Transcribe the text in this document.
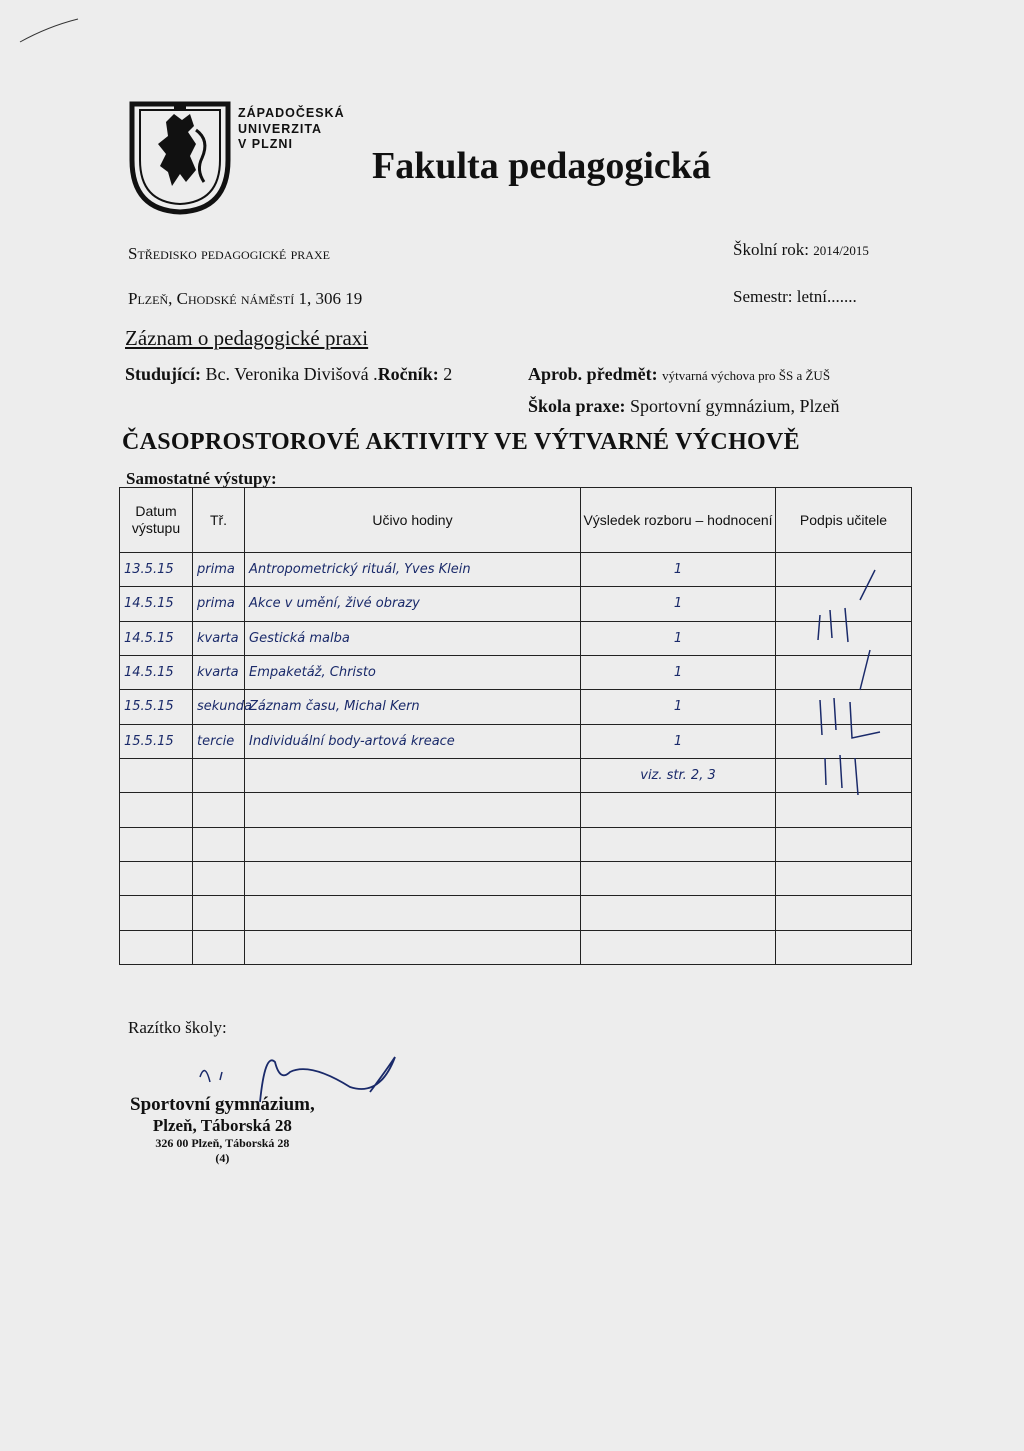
ZÁPADOČESKÁ
UNIVERZITA
V PLZNI
Fakulta pedagogická
Středisko pedagogické praxe
Plzeň, Chodské náměstí 1, 306 19
Školní rok: 2014/2015
Semestr: letní.......
Záznam o pedagogické praxi
Studující: Bc. Veronika Divišová .Ročník: 2	Aprob. předmět: výtvarná výchova pro ŠS a ŽUŠ
Škola praxe: Sportovní gymnázium, Plzeň
ČASOPROSTOROVÉ AKTIVITY VE VÝTVARNÉ VÝCHOVĚ
Samostatné výstupy:
Datum výstupu	Tř.	Učivo hodiny	Výsledek rozboru – hodnocení	Podpis učitele
13.5.15	prima	Antropometrický rituál, Yves Klein	1	
14.5.15	prima	Akce v umění, živé obrazy	1	
14.5.15	kvarta	Gestická malba	1	
14.5.15	kvarta	Empaketáž, Christo	1	
15.5.15	sekunda	Záznam času, Michal Kern	1	
15.5.15	tercie	Individuální body-artová kreace	1	
			viz. str. 2, 3	

Razítko školy:
Sportovní gymnázium,
Plzeň, Táborská 28
326 00 Plzeň, Táborská 28
(4)
